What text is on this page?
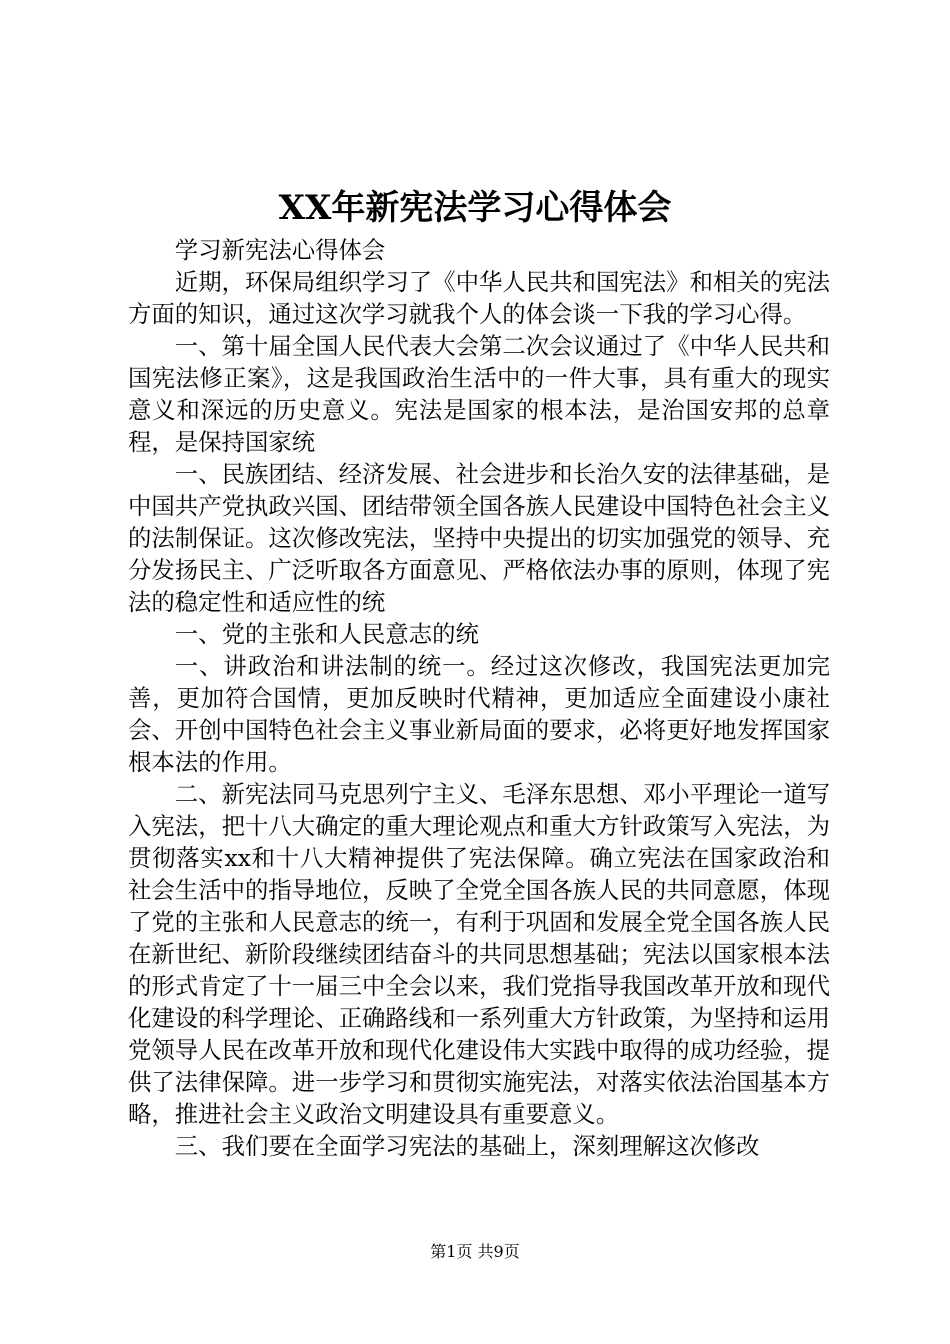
XX年新宪法学习心得体会

学习新宪法心得体会

近期，环保局组织学习了《中华人民共和国宪法》和相关的宪法方面的知识，通过这次学习就我个人的体会谈一下我的学习心得。

一、第十届全国人民代表大会第二次会议通过了《中华人民共和国宪法修正案》，这是我国政治生活中的一件大事，具有重大的现实意义和深远的历史意义。宪法是国家的根本法，是治国安邦的总章程，是保持国家统

一、民族团结、经济发展、社会进步和长治久安的法律基础，是中国共产党执政兴国、团结带领全国各族人民建设中国特色社会主义的法制保证。这次修改宪法，坚持中央提出的切实加强党的领导、充分发扬民主、广泛听取各方面意见、严格依法办事的原则，体现了宪法的稳定性和适应性的统

一、党的主张和人民意志的统

一、讲政治和讲法制的统一。经过这次修改，我国宪法更加完善，更加符合国情，更加反映时代精神，更加适应全面建设小康社会、开创中国特色社会主义事业新局面的要求，必将更好地发挥国家根本法的作用。

二、新宪法同马克思列宁主义、毛泽东思想、邓小平理论一道写入宪法，把十八大确定的重大理论观点和重大方针政策写入宪法，为贯彻落实xx和十八大精神提供了宪法保障。确立宪法在国家政治和社会生活中的指导地位，反映了全党全国各族人民的共同意愿，体现了党的主张和人民意志的统一，有利于巩固和发展全党全国各族人民在新世纪、新阶段继续团结奋斗的共同思想基础；宪法以国家根本法的形式肯定了十一届三中全会以来，我们党指导我国改革开放和现代化建设的科学理论、正确路线和一系列重大方针政策，为坚持和运用党领导人民在改革开放和现代化建设伟大实践中取得的成功经验，提供了法律保障。进一步学习和贯彻实施宪法，对落实依法治国基本方略，推进社会主义政治文明建设具有重要意义。

三、我们要在全面学习宪法的基础上，深刻理解这次修改

第1页 共9页
